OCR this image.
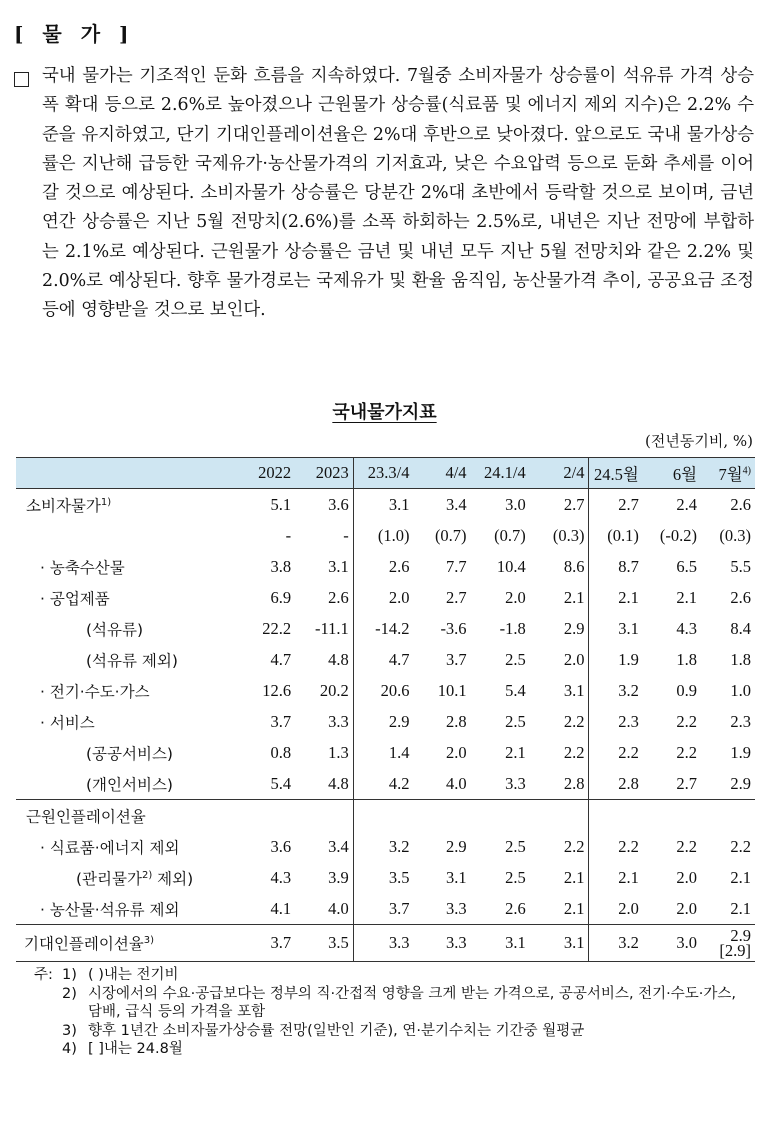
[ 물 가 ]
국내 물가는 기조적인 둔화 흐름을 지속하였다. 7월중 소비자물가 상승률이 석유류 가격 상승폭 확대 등으로 2.6%로 높아졌으나 근원물가 상승률(식료품 및 에너지 제외 지수)은 2.2% 수준을 유지하였고, 단기 기대인플레이션율은 2%대 후반으로 낮아졌다. 앞으로도 국내 물가상승률은 지난해 급등한 국제유가·농산물가격의 기저효과, 낮은 수요압력 등으로 둔화 추세를 이어갈 것으로 예상된다. 소비자물가 상승률은 당분간 2%대 초반에서 등락할 것으로 보이며, 금년 연간 상승률은 지난 5월 전망치(2.6%)를 소폭 하회하는 2.5%로, 내년은 지난 전망에 부합하는 2.1%로 예상된다. 근원물가 상승률은 금년 및 내년 모두 지난 5월 전망치와 같은 2.2% 및 2.0%로 예상된다. 향후 물가경로는 국제유가 및 환율 움직임, 농산물가격 추이, 공공요금 조정 등에 영향받을 것으로 보인다.
국내물가지표
(전년동기비, %)
	2022	2023	23.3/4	4/4	24.1/4	2/4	24.5월	6월	7월$^{4)}$
소비자물가$^{1)}$	5.1	3.6	3.1	3.4	3.0	2.7	2.7	2.4	2.6
	-	-	(1.0)	(0.7)	(0.7)	(0.3)	(0.1)	(-0.2)	(0.3)
· 농축수산물	3.8	3.1	2.6	7.7	10.4	8.6	8.7	6.5	5.5
· 공업제품	6.9	2.6	2.0	2.7	2.0	2.1	2.1	2.1	2.6
(석유류)	22.2	-11.1	-14.2	-3.6	-1.8	2.9	3.1	4.3	8.4
(석유류 제외)	4.7	4.8	4.7	3.7	2.5	2.0	1.9	1.8	1.8
· 전기·수도·가스	12.6	20.2	20.6	10.1	5.4	3.1	3.2	0.9	1.0
· 서비스	3.7	3.3	2.9	2.8	2.5	2.2	2.3	2.2	2.3
(공공서비스)	0.8	1.3	1.4	2.0	2.1	2.2	2.2	2.2	1.9
(개인서비스)	5.4	4.8	4.2	4.0	3.3	2.8	2.8	2.7	2.9
근원인플레이션율									
· 식료품·에너지 제외	3.6	3.4	3.2	2.9	2.5	2.2	2.2	2.2	2.2
(관리물가$^{2)}$ 제외)	4.3	3.9	3.5	3.1	2.5	2.1	2.1	2.0	2.1
· 농산물·석유류 제외	4.1	4.0	3.7	3.3	2.6	2.1	2.0	2.0	2.1
기대인플레이션율$^{3)}$	3.7	3.5	3.3	3.3	3.1	3.1	3.2	3.0	2.9
[2.9]
주: 1) ( )내는 전기비
2) 시장에서의 수요·공급보다는 정부의 직·간접적 영향을 크게 받는 가격으로, 공공서비스, 전기·수도·가스, 담배, 급식 등의 가격을 포함
3) 향후 1년간 소비자물가상승률 전망(일반인 기준), 연·분기수치는 기간중 월평균
4) [ ]내는 24.8월
